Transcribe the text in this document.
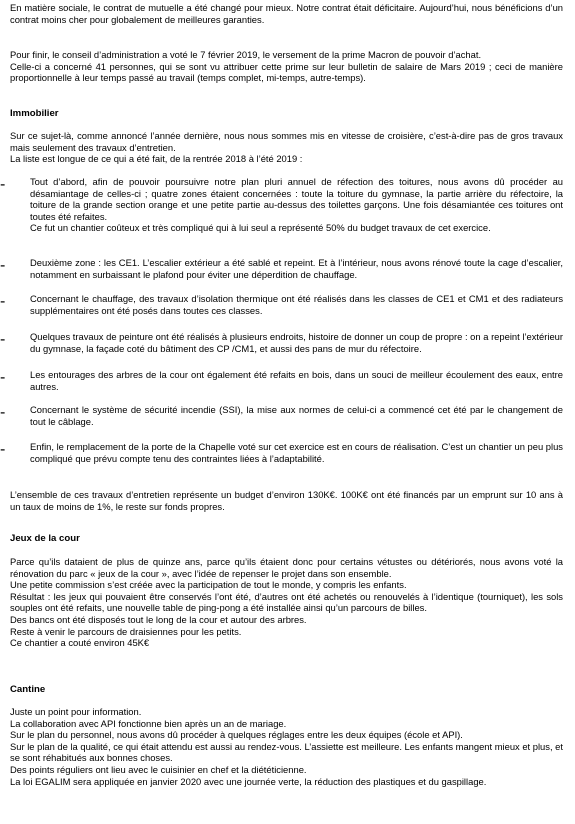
En matière sociale, le contrat de mutuelle a été changé pour mieux. Notre contrat était déficitaire. Aujourd’hui, nous bénéficions d’un contrat moins cher pour globalement de meilleures garanties.

Pour finir, le conseil d’administration a voté le 7 février 2019, le versement de la prime Macron de pouvoir d’achat.
Celle-ci a concerné 41 personnes, qui se sont vu attribuer cette prime sur leur bulletin de salaire de Mars 2019 ; ceci de manière proportionnelle à leur temps passé au travail (temps complet, mi-temps, autre-temps).
Immobilier
Sur ce sujet-là, comme annoncé l’année dernière, nous nous sommes mis en vitesse de croisière, c’est-à-dire pas de gros travaux mais seulement des travaux d’entretien.
La liste est longue de ce qui a été fait, de la rentrée 2018 à l’été 2019 :
-	Tout d’abord, afin de pouvoir poursuivre notre plan pluri annuel de réfection des toitures, nous avons dû procéder au désamiantage de celles-ci ; quatre zones étaient concernées : toute la toiture du gymnase, la partie arrière du réfectoire, la toiture de la grande section orange et une petite partie au-dessus des toilettes garçons. Une fois désamiantée ces toitures ont toutes été refaites.
Ce fut un chantier coûteux et très compliqué qui à lui seul a représenté 50% du budget travaux de cet exercice.
-	Deuxième zone : les CE1. L’escalier extérieur a été sablé et repeint. Et à l’intérieur, nous avons rénové toute la cage d’escalier, notamment en surbaissant le plafond pour éviter une déperdition de chauffage.
-	Concernant le chauffage, des travaux d’isolation thermique ont été réalisés dans les classes de CE1 et CM1 et des radiateurs supplémentaires ont été posés dans toutes ces classes.
-	Quelques travaux de peinture ont été réalisés à plusieurs endroits, histoire de donner un coup de propre : on a repeint l’extérieur du gymnase, la façade coté du bâtiment des CP /CM1, et aussi des pans de mur du réfectoire.
-	Les entourages des arbres de la cour ont également été refaits en bois, dans un souci de meilleur écoulement des eaux, entre autres.
-	Concernant le système de sécurité incendie (SSI), la mise aux normes de celui-ci a commencé cet été par le changement de tout le câblage.
-	Enfin, le remplacement de la porte de la Chapelle voté sur cet exercice est en cours de réalisation. C’est un chantier un peu plus compliqué que prévu compte tenu des contraintes liées à l’adaptabilité.

L’ensemble de ces travaux d’entretien représente un budget d’environ 130K€. 100K€ ont été financés par un emprunt sur 10 ans à un taux de moins de 1%, le reste sur fonds propres.

Jeux de la cour
Parce qu’ils dataient de plus de quinze ans, parce qu’ils étaient donc pour certains vétustes ou détériorés, nous avons voté la rénovation du parc « jeux de la cour », avec l’idée de repenser le projet dans son ensemble.
Une petite commission s’est créée avec la participation de tout le monde, y compris les enfants.
Résultat : les jeux qui pouvaient être conservés l’ont été, d’autres ont été achetés ou renouvelés à l’identique (tourniquet), les sols souples ont été refaits, une nouvelle table de ping-pong a été installée ainsi qu’un parcours de billes.
Des bancs ont été disposés tout le long de la cour et autour des arbres.
Reste à venir le parcours de draisiennes pour les petits.
Ce chantier a couté environ 45K€
Cantine
Juste un point pour information.
La collaboration avec API fonctionne bien après un an de mariage.
Sur le plan du personnel, nous avons dû procéder à quelques réglages entre les deux équipes (école et API).
Sur le plan de la qualité, ce qui était attendu est aussi au rendez-vous. L’assiette est meilleure. Les enfants mangent mieux et plus, et se sont réhabitués aux bonnes choses.
Des points réguliers ont lieu avec le cuisinier en chef et la diététicienne.
La loi EGALIM sera appliquée en janvier 2020 avec une journée verte, la réduction des plastiques et du gaspillage.
